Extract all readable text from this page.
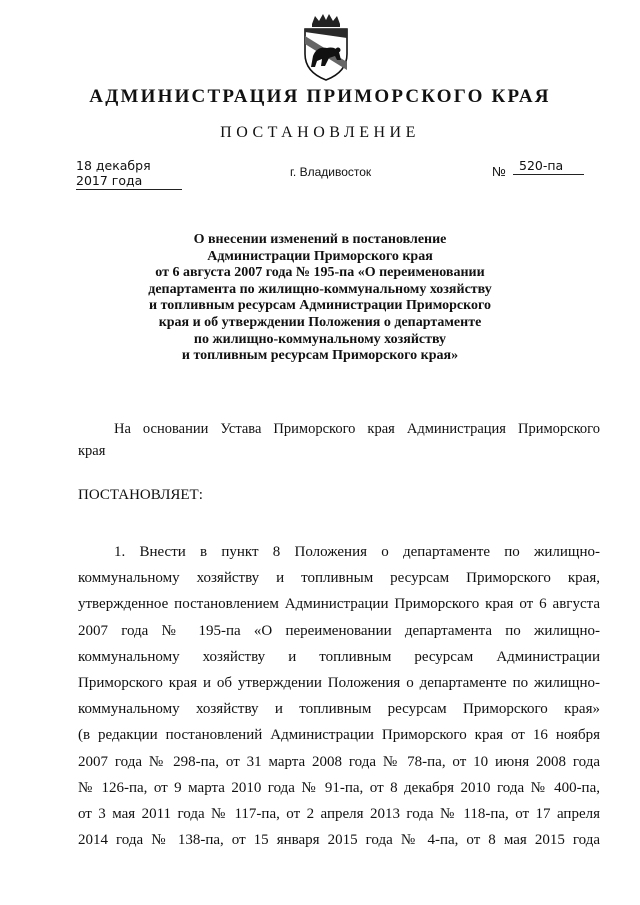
АДМИНИСТРАЦИЯ ПРИМОРСКОГО КРАЯ
ПОСТАНОВЛЕНИЕ
18 декабря 2017 года
г. Владивосток	№	520-па
О внесении изменений в постановление
Администрации Приморского края
от 6 августа 2007 года № 195-па «О переименовании
департамента по жилищно-коммунальному хозяйству
и топливным ресурсам Администрации Приморского
края и об утверждении Положения о департаменте
по жилищно-коммунальному хозяйству
и топливным ресурсам Приморского края»
На основании Устава Приморского края Администрация Приморского
края
ПОСТАНОВЛЯЕТ:
1. Внести в пункт 8 Положения о департаменте по жилищно-
коммунальному хозяйству и топливным ресурсам Приморского края,
утвержденное постановлением Администрации Приморского края от 6 августа
2007 года № 195-па «О переименовании департамента по жилищно-
коммунальному хозяйству и топливным ресурсам Администрации
Приморского края и об утверждении Положения о департаменте по жилищно-
коммунальному хозяйству и топливным ресурсам Приморского края»
(в редакции постановлений Администрации Приморского края от 16 ноября
2007 года № 298-па, от 31 марта 2008 года № 78-па, от 10 июня 2008 года
№ 126-па, от 9 марта 2010 года № 91-па, от 8 декабря 2010 года № 400-па,
от 3 мая 2011 года № 117-па, от 2 апреля 2013 года № 118-па, от 17 апреля
2014 года № 138-па, от 15 января 2015 года № 4-па, от 8 мая 2015 года
